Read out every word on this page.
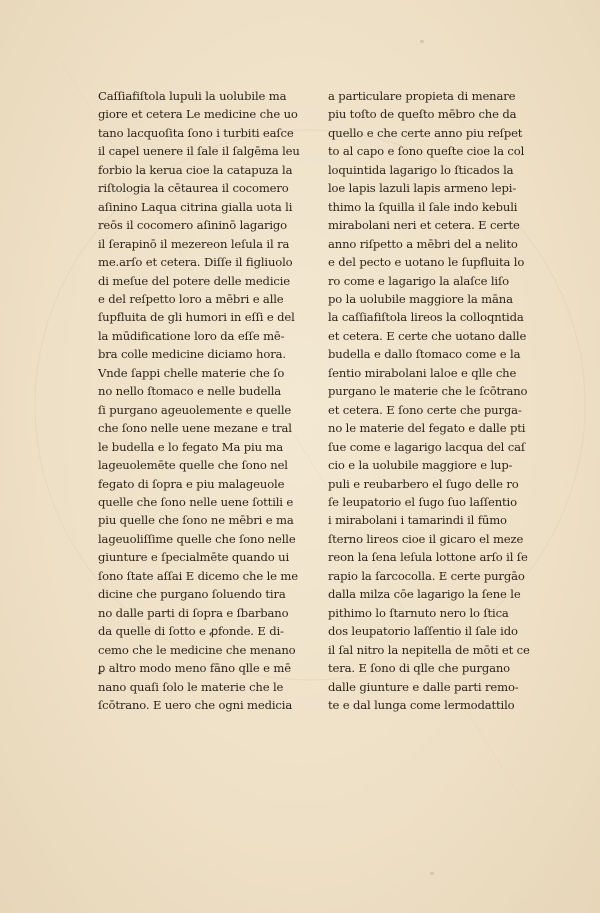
Caſſiafiſtola lupuli la uolubile ma
giore et cetera Le medicine che uo
tano lacquoſita ſono i turbiti eaſce
il capel uenere il ſale il ſalgēma leu
forbio la kerua cioe la catapuza la
riſtologia la cētaurea il cocomero
aſinino Laqua citrina gialla uota li
reōs il cocomero aſininō lagarigo
il ſerapinō il mezereon leſula il ra
me.arſo et cetera. Diſſe il figliuolo
di meſue del potere delle medicie
e del reſpetto loro a mēbri e alle
ſupfluita de gli humori in eſſi e del
la mūdificatione loro da eſſe mē-
bra colle medicine diciamo hora.
Vnde ſappi chelle materie che ſo
no nello ſtomaco e nelle budella
ſi purgano ageuolemente e quelle
che ſono nelle uene mezane e tral
le budella e lo fegato Ma piu ma
lageuolemēte quelle che ſono nel
fegato di ſopra e piu malageuole
quelle che ſono nelle uene ſottili e
piu quelle che ſono ne mēbri e ma
lageuoliſſime quelle che ſono nelle
giunture e ſpecialmēte quando ui
ſono ſtate aſſai E dicemo che le me
dicine che purgano ſoluendo tira
no dalle parti di ſopra e ſbarbano
da quelle di ſotto e ꝓfonde. E di-
cemo che le medicine che menano
ꝑ altro modo meno fāno qlle e mē
nano quaſi ſolo le materie che le
ſcōtrano. E uero che ogni medicia
a particulare propieta di menare
piu toſto de queſto mēbro che da
quello e che certe anno piu reſpet
to al capo e ſono queſte cioe la col
loquintida lagarigo lo ſticados la
loe lapis lazuli lapis armeno lepi-
thimo la ſquilla il ſale indo kebuli
mirabolani neri et cetera. E certe
anno riſpetto a mēbri del a nelito
e del pecto e uotano le ſupfluita lo
ro come e lagarigo la alaſce liſo
po la uolubile maggiore la māna
la caſſiafiſtola lireos la colloqntida
et cetera. E certe che uotano dalle
budella e dallo ſtomaco come e la
ſentio mirabolani laloe e qlle che
purgano le materie che le ſcōtrano
et cetera. E ſono certe che purga-
no le materie del fegato e dalle pti
ſue come e lagarigo lacqua del caſ
cio e la uolubile maggiore e lup-
puli e reubarbero el ſugo delle ro
ſe leupatorio el ſugo ſuo laſſentio
i mirabolani i tamarindi il fūmo
ſterno lireos cioe il gicaro el meze
reon la ſena leſula lottone arſo il ſe
rapio la ſarcocolla. E certe purgāo
dalla milza cōe lagarigo la ſene le
pithimo lo ſtarnuto nero lo ſtica
dos leupatorio laſſentio il ſale ido
il ſal nitro la nepitella de mōti et ce
tera. E ſono di qlle che purgano
dalle giunture e dalle parti remo-
te e dal lunga come lermodattilo
